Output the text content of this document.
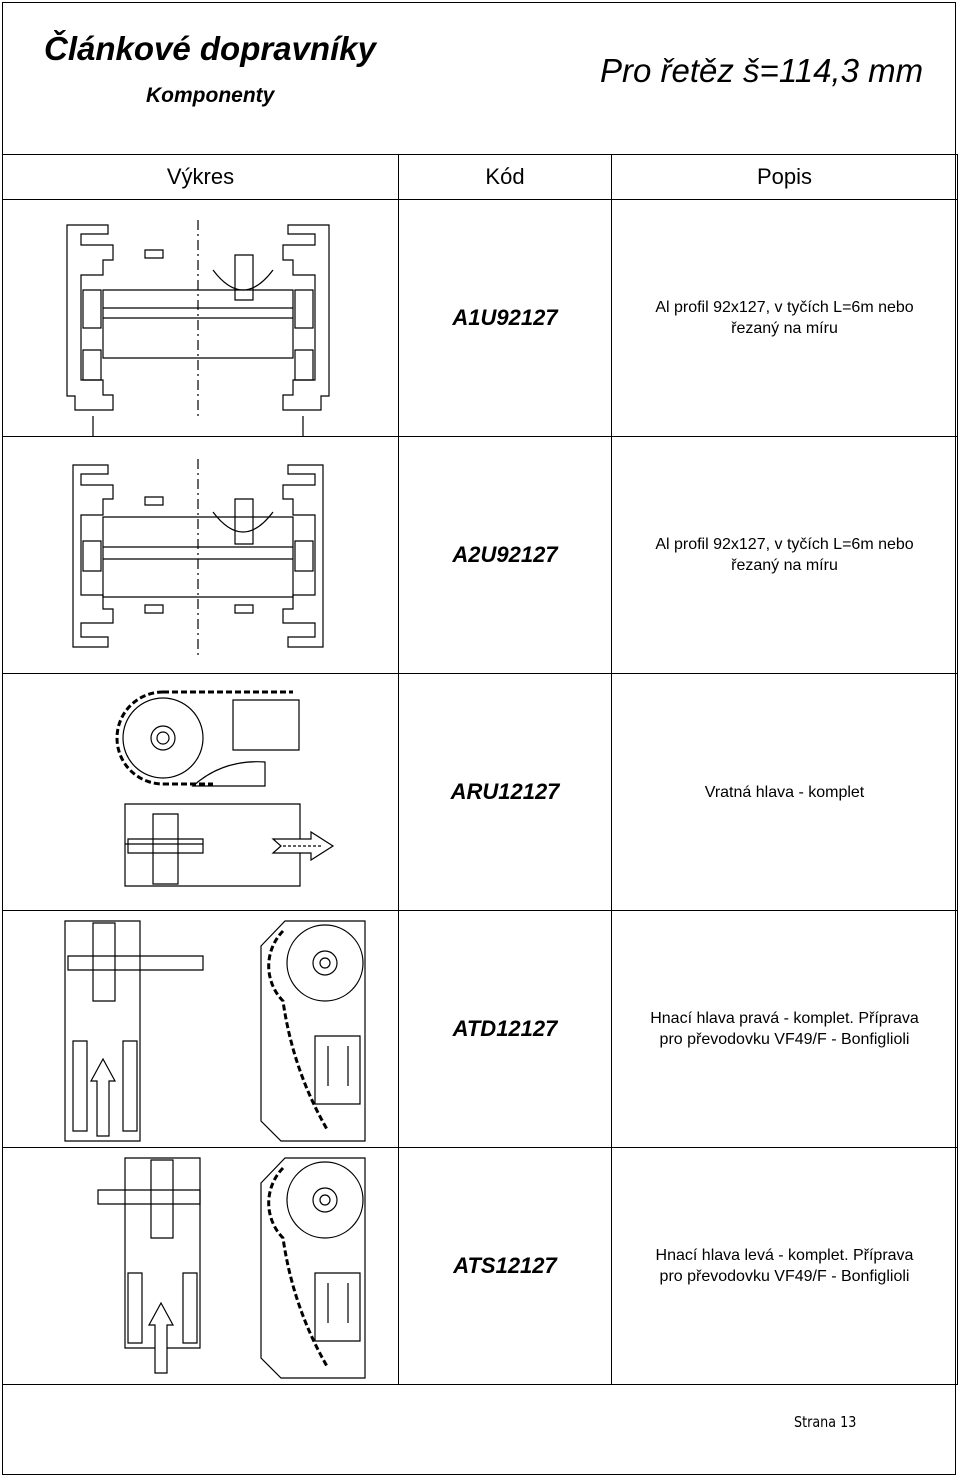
Článkové dopravníky
Komponenty
Pro řetěz š=114,3 mm
Výkres	Kód	Popis

	A1U92127	Al profil 92x127, v tyčích L=6m nebo
řezaný na míru

	A2U92127	Al profil 92x127, v tyčích L=6m nebo
řezaný na míru

	ARU12127	Vratná hlava - komplet

	ATD12127	Hnací hlava pravá - komplet. Příprava
pro převodovku VF49/F - Bonfiglioli

	ATS12127	Hnací hlava levá - komplet. Příprava
pro převodovku VF49/F - Bonfiglioli
Strana 13
